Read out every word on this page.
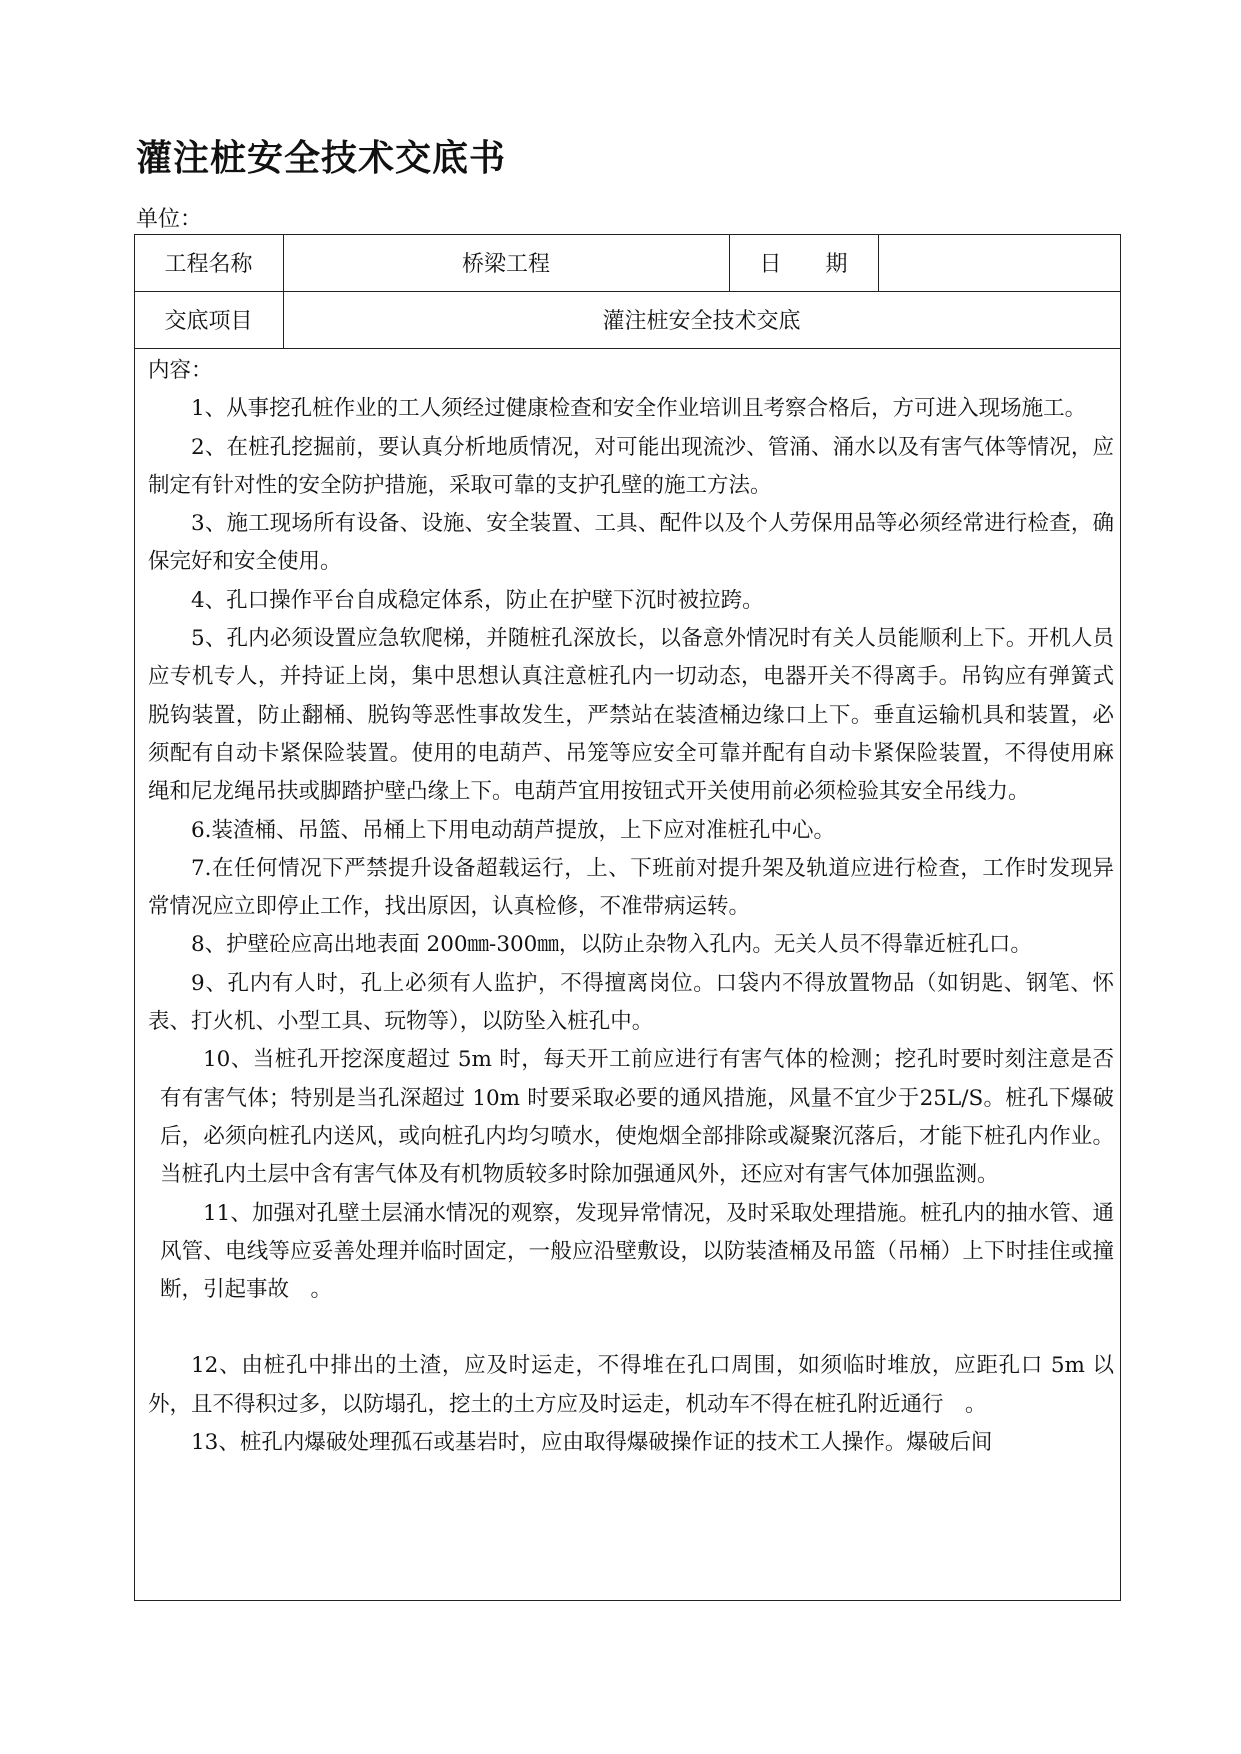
灌注桩安全技术交底书
单位：
工程名称	桥梁工程	日　　期
交底项目	灌注桩安全技术交底

内容：

1、从事挖孔桩作业的工人须经过健康检查和安全作业培训且考察合格后，方可进入现场施工。

2、在桩孔挖掘前，要认真分析地质情况，对可能出现流沙、管涌、涌水以及有害气体等情况，应制定有针对性的安全防护措施，采取可靠的支护孔壁的施工方法。

3、施工现场所有设备、设施、安全装置、工具、配件以及个人劳保用品等必须经常进行检查，确保完好和安全使用。

4、孔口操作平台自成稳定体系，防止在护壁下沉时被拉跨。

5、孔内必须设置应急软爬梯，并随桩孔深放长，以备意外情况时有关人员能顺利上下。开机人员应专机专人，并持证上岗，集中思想认真注意桩孔内一切动态，电器开关不得离手。吊钩应有弹簧式脱钩装置，防止翻桶、脱钩等恶性事故发生，严禁站在装渣桶边缘口上下。垂直运输机具和装置，必须配有自动卡紧保险装置。使用的电葫芦、吊笼等应安全可靠并配有自动卡紧保险装置，不得使用麻绳和尼龙绳吊扶或脚踏护壁凸缘上下。电葫芦宜用按钮式开关使用前必须检验其安全吊线力。

6.装渣桶、吊篮、吊桶上下用电动葫芦提放，上下应对准桩孔中心。

7.在任何情况下严禁提升设备超载运行，上、下班前对提升架及轨道应进行检查，工作时发现异常情况应立即停止工作，找出原因，认真检修，不准带病运转。

8、护壁砼应高出地表面 200㎜-300㎜，以防止杂物入孔内。无关人员不得靠近桩孔口。

9、孔内有人时，孔上必须有人监护，不得擅离岗位。口袋内不得放置物品（如钥匙、钢笔、怀表、打火机、小型工具、玩物等），以防坠入桩孔中。

10、当桩孔开挖深度超过 5m 时，每天开工前应进行有害气体的检测；挖孔时要时刻注意是否有有害气体；特别是当孔深超过 10m 时要采取必要的通风措施，风量不宜少于25L/S。桩孔下爆破后，必须向桩孔内送风，或向桩孔内均匀喷水，使炮烟全部排除或凝聚沉落后，才能下桩孔内作业。当桩孔内土层中含有害气体及有机物质较多时除加强通风外，还应对有害气体加强监测。

11、加强对孔壁土层涌水情况的观察，发现异常情况，及时采取处理措施。桩孔内的抽水管、通风管、电线等应妥善处理并临时固定，一般应沿壁敷设，以防装渣桶及吊篮（吊桶）上下时挂住或撞断，引起事故　。

12、由桩孔中排出的土渣，应及时运走，不得堆在孔口周围，如须临时堆放，应距孔口 5m 以外，且不得积过多，以防塌孔，挖土的土方应及时运走，机动车不得在桩孔附近通行　。

13、桩孔内爆破处理孤石或基岩时，应由取得爆破操作证的技术工人操作。爆破后间
